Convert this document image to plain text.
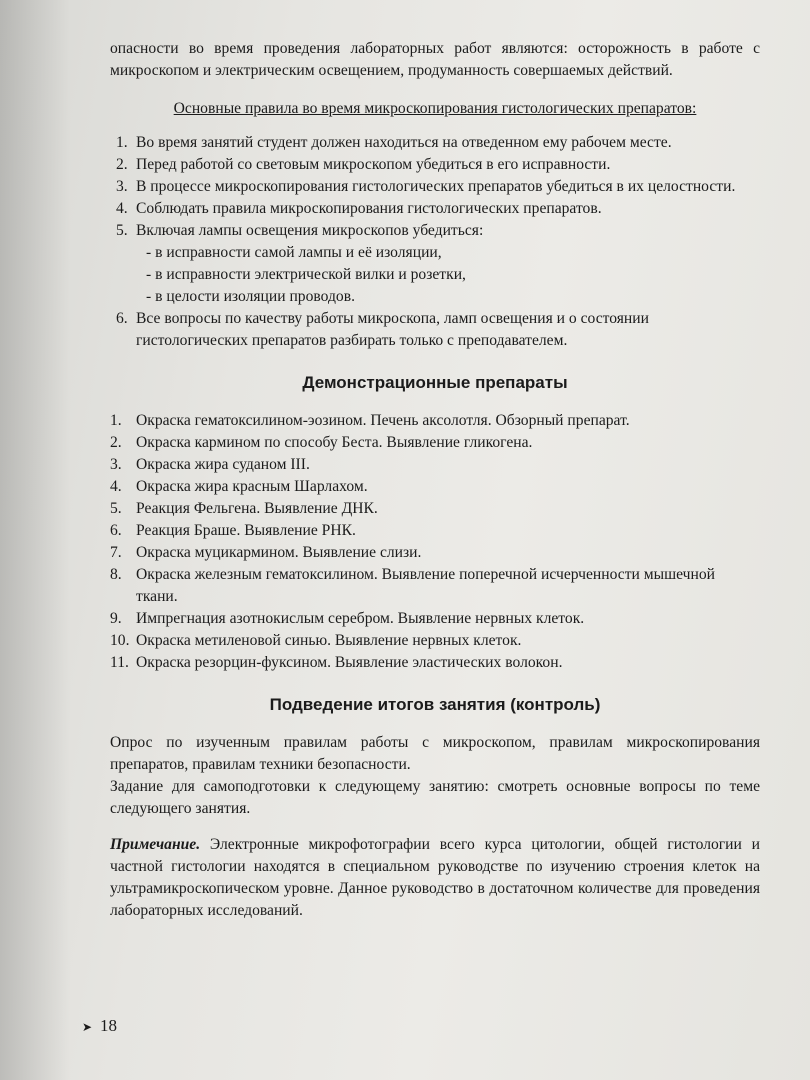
опасности во время проведения лабораторных работ являются: осторожность в работе с микроскопом и электрическим освещением, продуманность совершаемых действий.

Основные правила во время микроскопирования гистологических препаратов:

1. Во время занятий студент должен находиться на отведенном ему рабочем месте.
2. Перед работой со световым микроскопом убедиться в его исправности.
3. В процессе микроскопирования гистологических препаратов убедиться в их целостности.
4. Соблюдать правила микроскопирования гистологических препаратов.
5. Включая лампы освещения микроскопов убедиться:
- в исправности самой лампы и её изоляции,
- в исправности электрической вилки и розетки,
- в целости изоляции проводов.
6. Все вопросы по качеству работы микроскопа, ламп освещения и о состоянии гистологических препаратов разбирать только с преподавателем.
Демонстрационные препараты
1. Окраска гематоксилином-эозином. Печень аксолотля. Обзорный препарат.
2. Окраска кармином по способу Беста. Выявление гликогена.
3. Окраска жира суданом III.
4. Окраска жира красным Шарлахом.
5. Реакция Фельгена. Выявление ДНК.
6. Реакция Браше. Выявление РНК.
7. Окраска муцикармином. Выявление слизи.
8. Окраска железным гематоксилином. Выявление поперечной исчерченности мышечной ткани.
9. Импрегнация азотнокислым серебром. Выявление нервных клеток.
10. Окраска метиленовой синью. Выявление нервных клеток.
11. Окраска резорцин-фуксином. Выявление эластических волокон.
Подведение итогов занятия (контроль)

Опрос по изученным правилам работы с микроскопом, правилам микроскопирования препаратов, правилам техники безопасности.

Задание для самоподготовки к следующему занятию: смотреть основные вопросы по теме следующего занятия.

Примечание. Электронные микрофотографии всего курса цитологии, общей гистологии и частной гистологии находятся в специальном руководстве по изучению строения клеток на ультрамикроскопическом уровне. Данное руководство в достаточном количестве для проведения лабораторных исследований.

➤ 18
